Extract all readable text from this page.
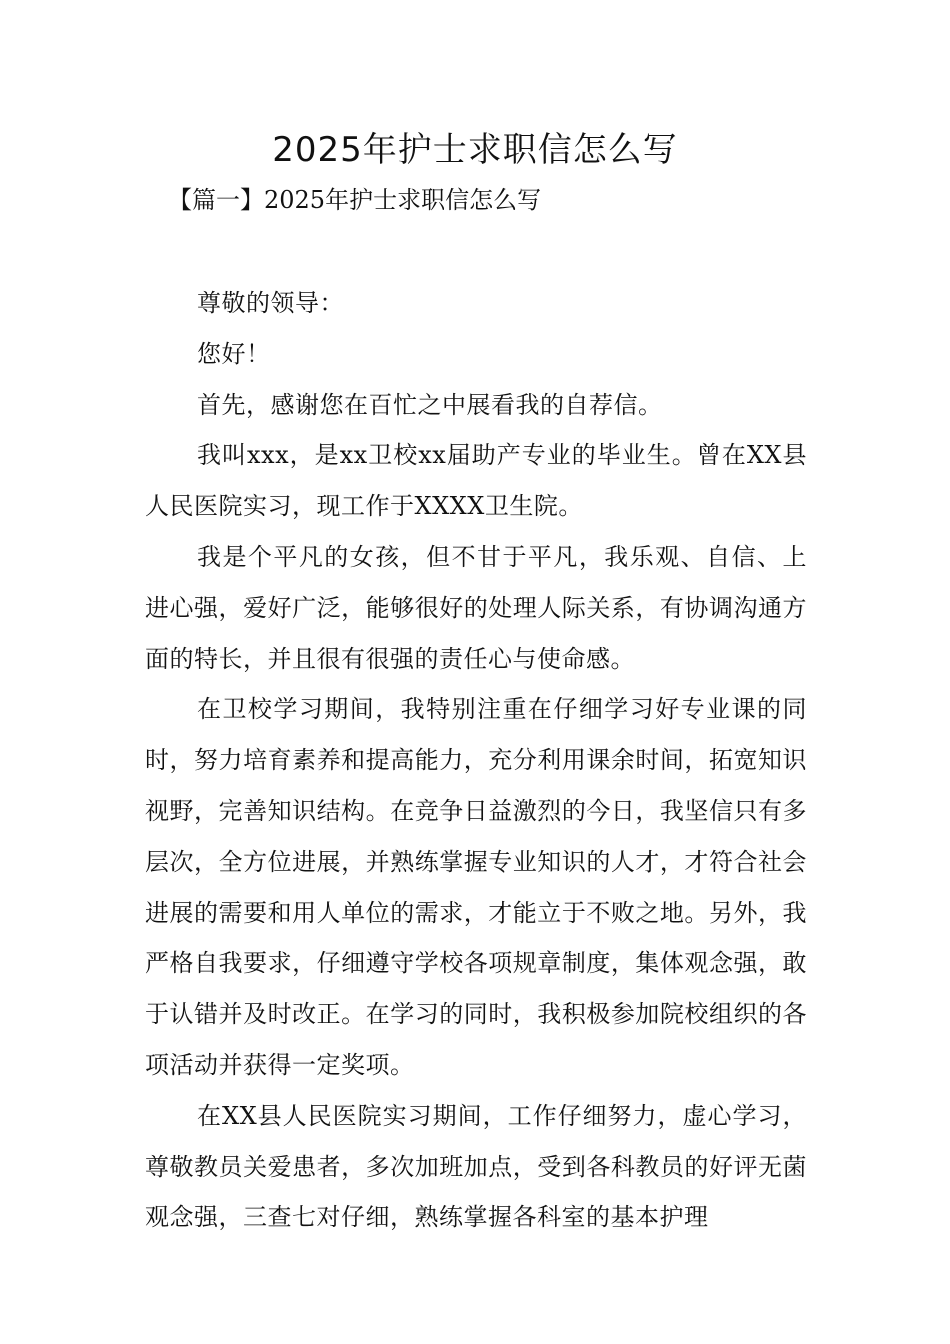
2025年护士求职信怎么写
【篇一】2025年护士求职信怎么写

尊敬的领导：

您好！

首先，感谢您在百忙之中展看我的自荐信。

我叫xxx，是xx卫校xx届助产专业的毕业生。曾在XX县人民医院实习，现工作于XXXX卫生院。

我是个平凡的女孩，但不甘于平凡，我乐观、自信、上进心强，爱好广泛，能够很好的处理人际关系，有协调沟通方面的特长，并且很有很强的责任心与使命感。

在卫校学习期间，我特别注重在仔细学习好专业课的同时，努力培育素养和提高能力，充分利用课余时间，拓宽知识视野，完善知识结构。在竞争日益激烈的今日，我坚信只有多层次，全方位进展，并熟练掌握专业知识的人才，才符合社会进展的需要和用人单位的需求，才能立于不败之地。另外，我严格自我要求，仔细遵守学校各项规章制度，集体观念强，敢于认错并及时改正。在学习的同时，我积极参加院校组织的各项活动并获得一定奖项。

在XX县人民医院实习期间，工作仔细努力，虚心学习，尊敬教员关爱患者，多次加班加点，受到各科教员的好评无菌观念强，三查七对仔细，熟练掌握各科室的基本护理
